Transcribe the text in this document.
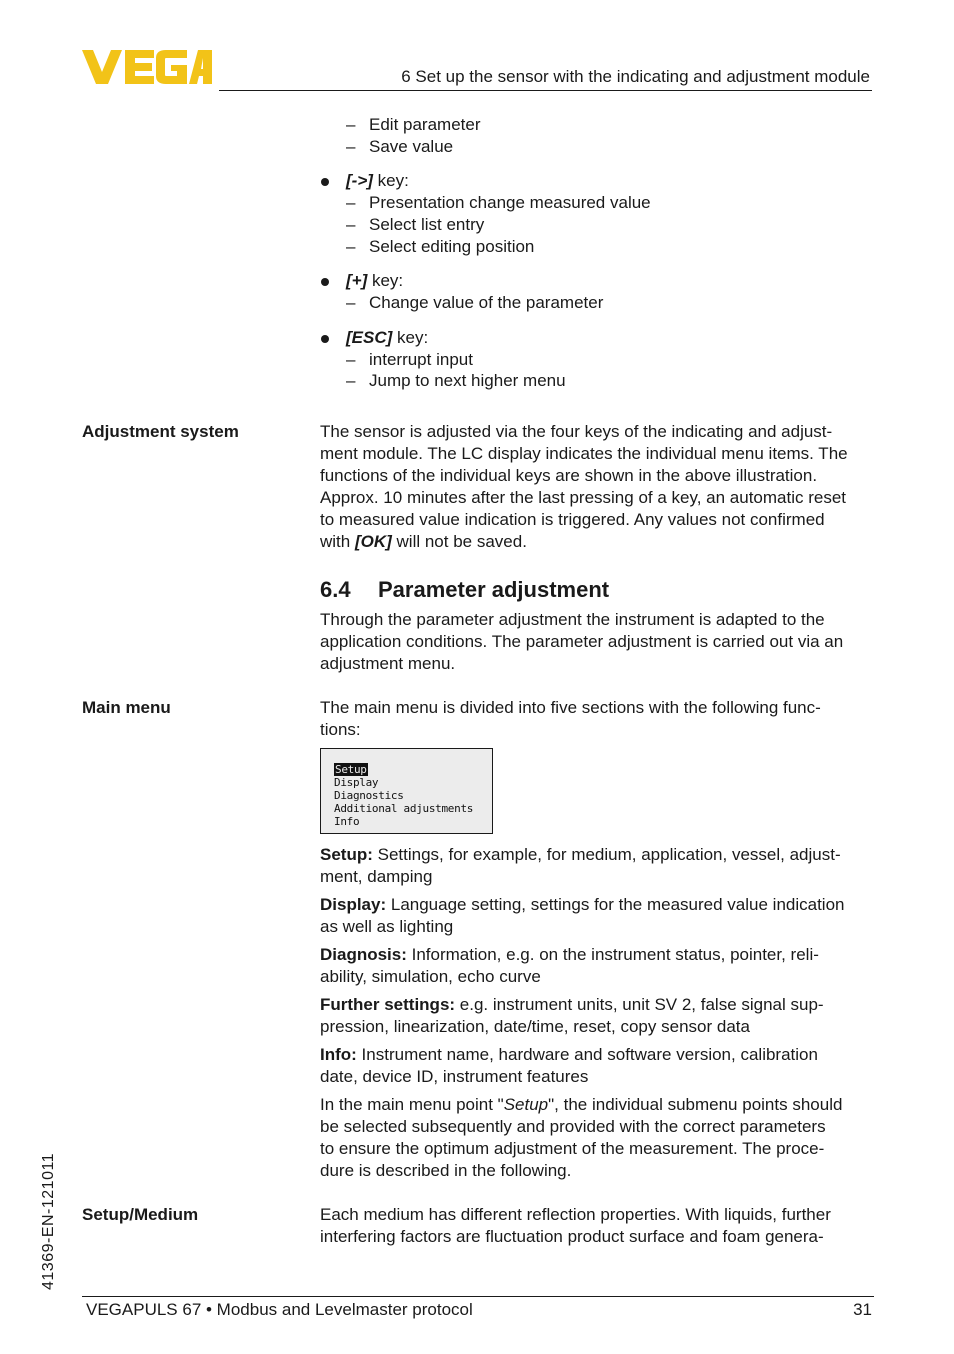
6 Set up the sensor with the indicating and adjustment module
– Edit parameter
– Save value
[->] key:
– Presentation change measured value
– Select list entry
– Select editing position
[+] key:
– Change value of the parameter
[ESC] key:
– interrupt input
– Jump to next higher menu
Adjustment system	The sensor is adjusted via the four keys of the indicating and adjust-
ment module. The LC display indicates the individual menu items. The
functions of the individual keys are shown in the above illustration.
Approx. 10 minutes after the last pressing of a key, an automatic reset
to measured value indication is triggered. Any values not confirmed
with [OK] will not be saved.
6.4 Parameter adjustment
Through the parameter adjustment the instrument is adapted to the
application conditions. The parameter adjustment is carried out via an
adjustment menu.
Main menu	The main menu is divided into five sections with the following func-
tions:
Setup
Display
Diagnostics
Additional adjustments
Info
Setup: Settings, for example, for medium, application, vessel, adjust-
ment, damping
Display: Language setting, settings for the measured value indication
as well as lighting
Diagnosis: Information, e.g. on the instrument status, pointer, reli-
ability, simulation, echo curve
Further settings: e.g. instrument units, unit SV 2, false signal sup-
pression, linearization, date/time, reset, copy sensor data
Info: Instrument name, hardware and software version, calibration
date, device ID, instrument features
In the main menu point "Setup", the individual submenu points should
be selected subsequently and provided with the correct parameters
to ensure the optimum adjustment of the measurement. The proce-
dure is described in the following.
Setup/Medium	Each medium has different reflection properties. With liquids, further
interfering factors are fluctuation product surface and foam genera-
41369-EN-121011
VEGAPULS 67 • Modbus and Levelmaster protocol	31
